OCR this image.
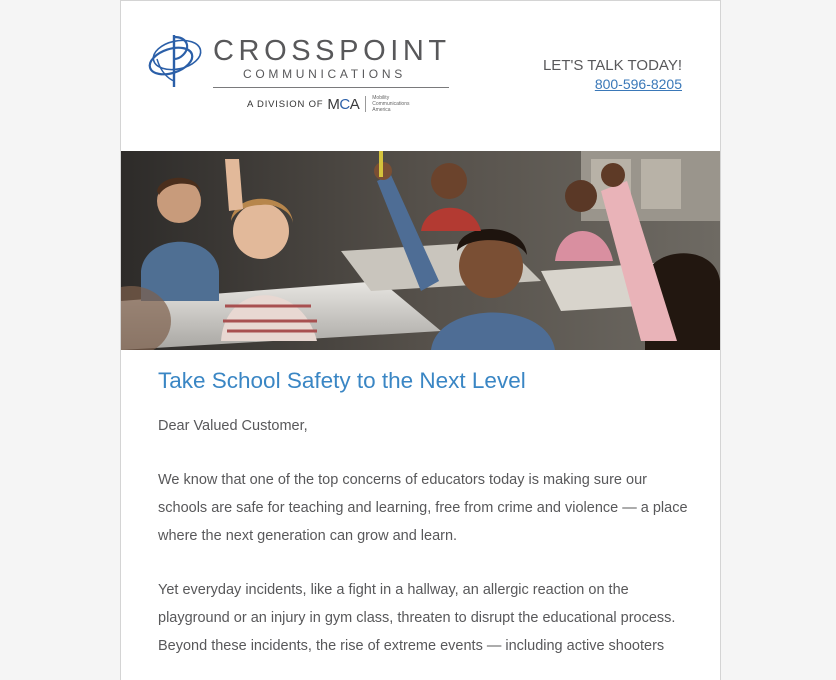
CROSSPOINT
COMMUNICATIONS
A DIVISION OF MCA	Mobility
Communications
America
LET'S TALK TODAY!
800-596-8205
Take School Safety to the Next Level

Dear Valued Customer,

We know that one of the top concerns of educators today is making sure our schools are safe for teaching and learning, free from crime and violence — a place where the next generation can grow and learn.

Yet everyday incidents, like a fight in a hallway, an allergic reaction on the playground or an injury in gym class, threaten to disrupt the educational process. Beyond these incidents, the rise of extreme events — including active shooters
